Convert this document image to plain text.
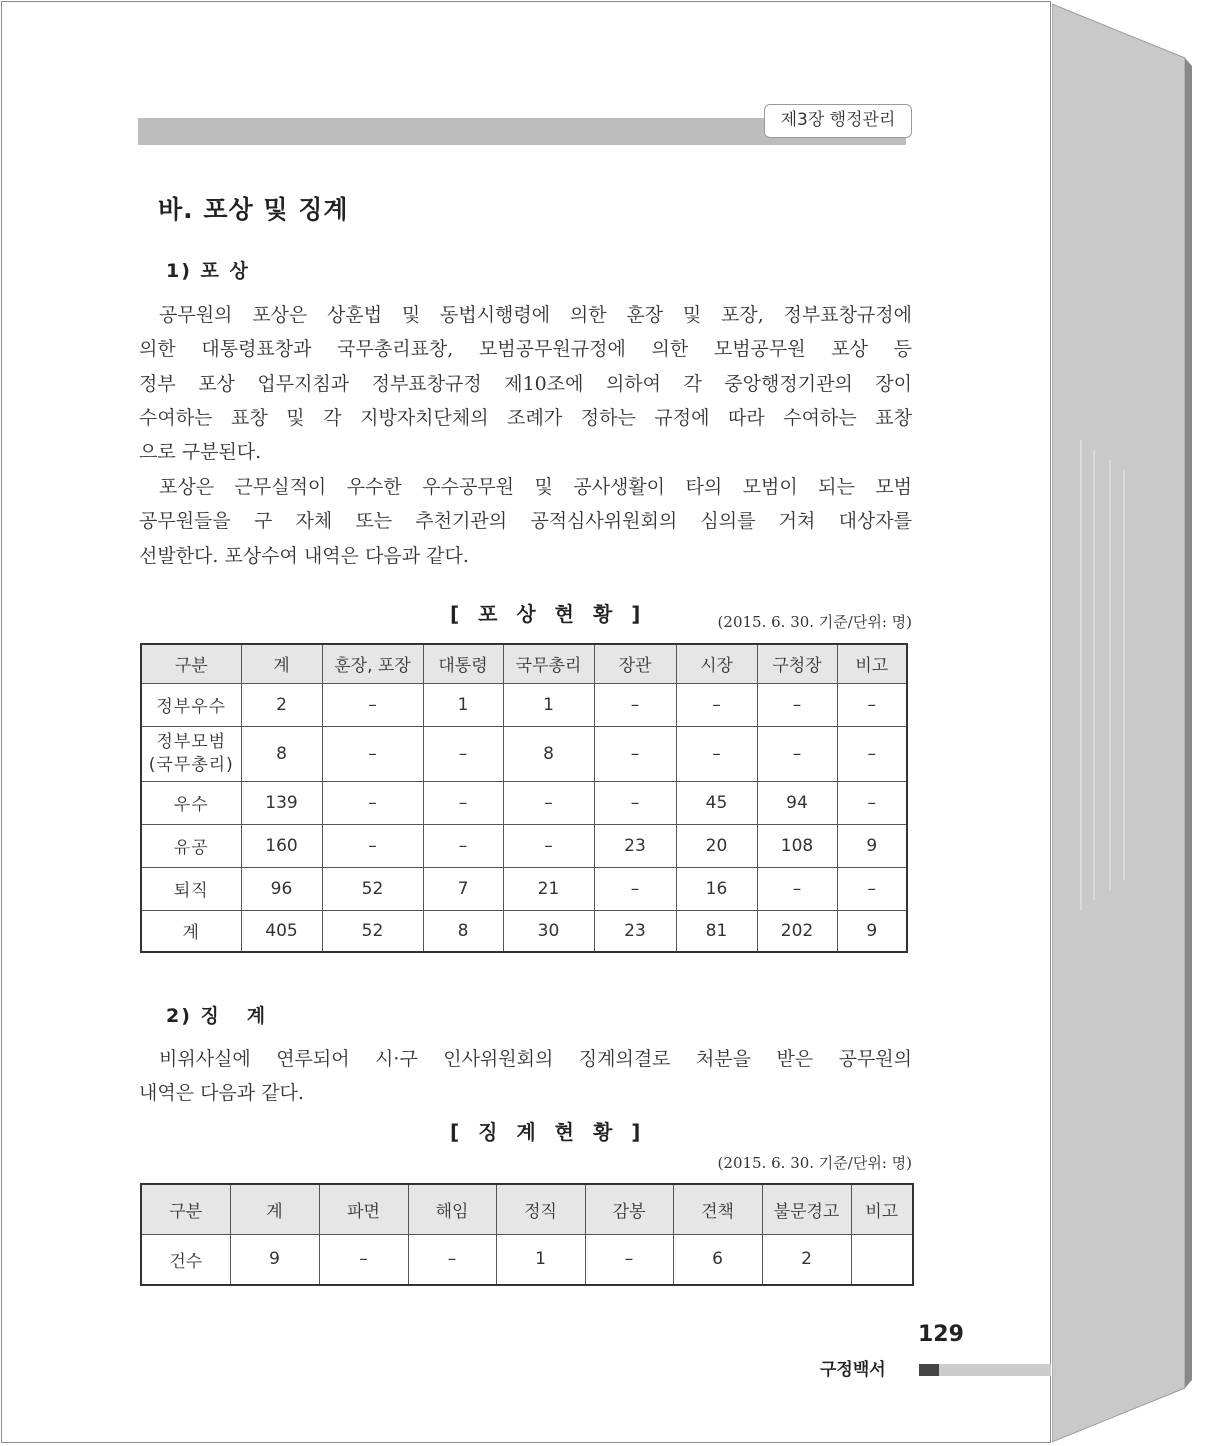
제3장 행정관리
바. 포상 및 징계
1) 포 상
공무원의 포상은 상훈법 및 동법시행령에 의한 훈장 및 포장, 정부표창규정에
의한 대통령표창과 국무총리표창, 모범공무원규정에 의한 모범공무원 포상 등
정부 포상 업무지침과 정부표창규정 제10조에 의하여 각 중앙행정기관의 장이
수여하는 표창 및 각 지방자치단체의 조례가 정하는 규정에 따라 수여하는 표창
으로 구분된다.
포상은 근무실적이 우수한 우수공무원 및 공사생활이 타의 모범이 되는 모범
공무원들을 구 자체 또는 추천기관의 공적심사위원회의 심의를 거쳐 대상자를
선발한다. 포상수여 내역은 다음과 같다.
[ 포 상 현 황 ]	(2015. 6. 30. 기준/단위: 명)
구분	계	훈장, 포장	대통령	국무총리	장관	시장	구청장	비고
정부우수	2	–	1	1	–	–	–	–
정부모범
(국무총리)	8	–	–	8	–	–	–	–
우수	139	–	–	–	–	45	94	–
유공	160	–	–	–	23	20	108	9
퇴직	96	52	7	21	–	16	–	–
계	405	52	8	30	23	81	202	9
2) 징   계
비위사실에 연루되어 시·구 인사위원회의 징계의결로 처분을 받은 공무원의
내역은 다음과 같다.
[ 징 계 현 황 ]
(2015. 6. 30. 기준/단위: 명)
구분	계	파면	해임	정직	감봉	견책	불문경고	비고
건수	9	–	–	1	–	6	2	
129
구정백서
